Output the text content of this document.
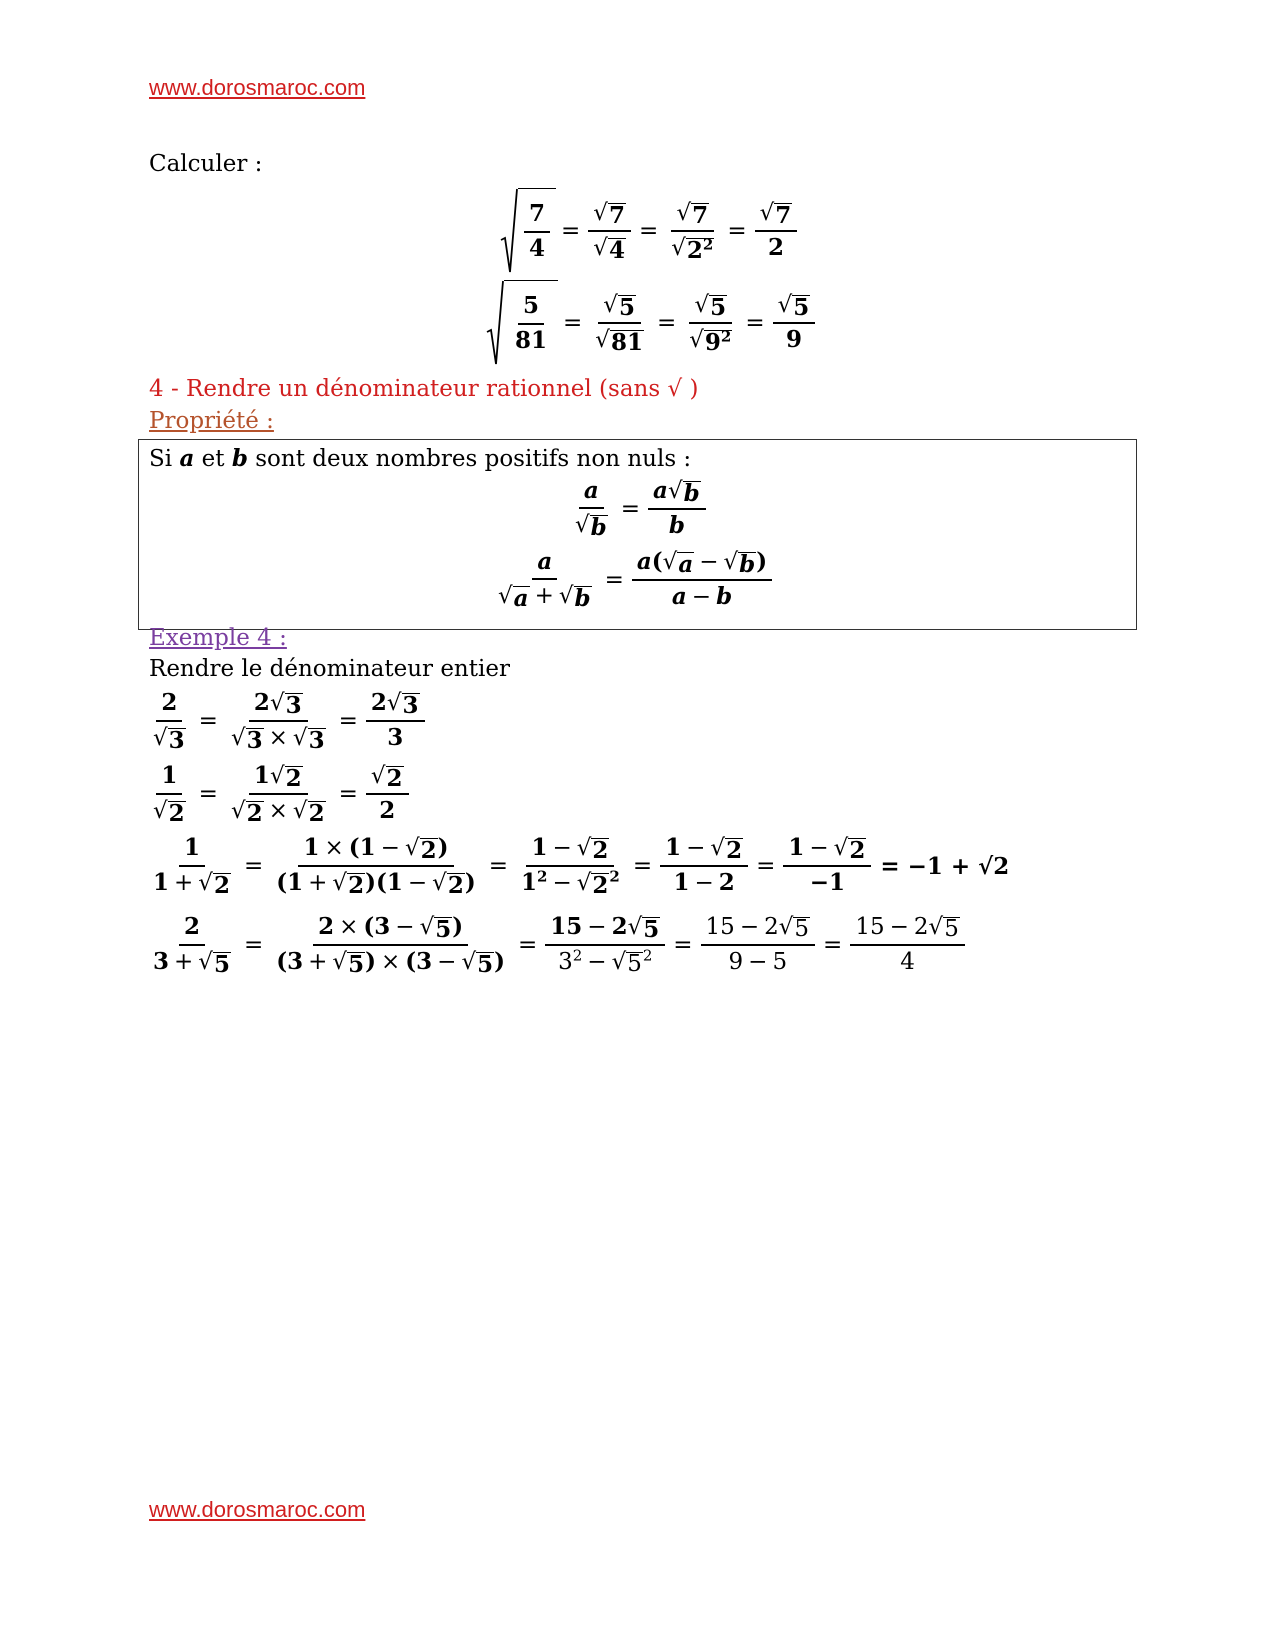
www.dorosmaroc.com
Calculer :
$\frac{7}{4} = \frac{√ 7}{√ 4} = \frac{√ 7}{√ 2^2} = \frac{√ 7}{2}$
$\frac{5}{81} = \frac{√ 5}{√ 81} = \frac{√ 5}{√ 9^2} = \frac{√ 5}{9}$
4 - Rendre un dénominateur rationnel (sans √ )
Propriété :
Si a et b sont deux nombres positifs non nuls :
$\frac{a}{√ b} = \frac{a √ b}{b}$
$\frac{a}{√ a + √ b} = \frac{a( √ a - √ b )}{a - b}$
Exemple 4 :
Rendre le dénominateur entier
$\frac{2}{√ 3} = \frac{2 √ 3}{√ 3 \times √ 3} = \frac{2 √ 3}{3}$
$\frac{1}{√ 2} = \frac{1 √ 2}{√ 2 \times √ 2} = \frac{√ 2}{2}$
$\frac{1}{1 + √ 2} = \frac{1 \times (1 - √ 2 )}{(1 + √ 2 )(1 - √ 2 )} = \frac{1 - √ 2}{1^2 - √ 2 ^2} = \frac{1 - √ 2}{1 - 2} = \frac{1 - √ 2}{-1} = -1 + √2$
$\frac{2}{3 + √ 5} = \frac{2 \times (3 - √ 5 )}{(3 + √ 5 ) \times (3 - √ 5 )} = \frac{15 - 2 √ 5}{3^2 - √ 5 ^2} = \frac{15 - 2 √ 5}{9 - 5} = \frac{15 - 2 √ 5}{4}$
www.dorosmaroc.com
